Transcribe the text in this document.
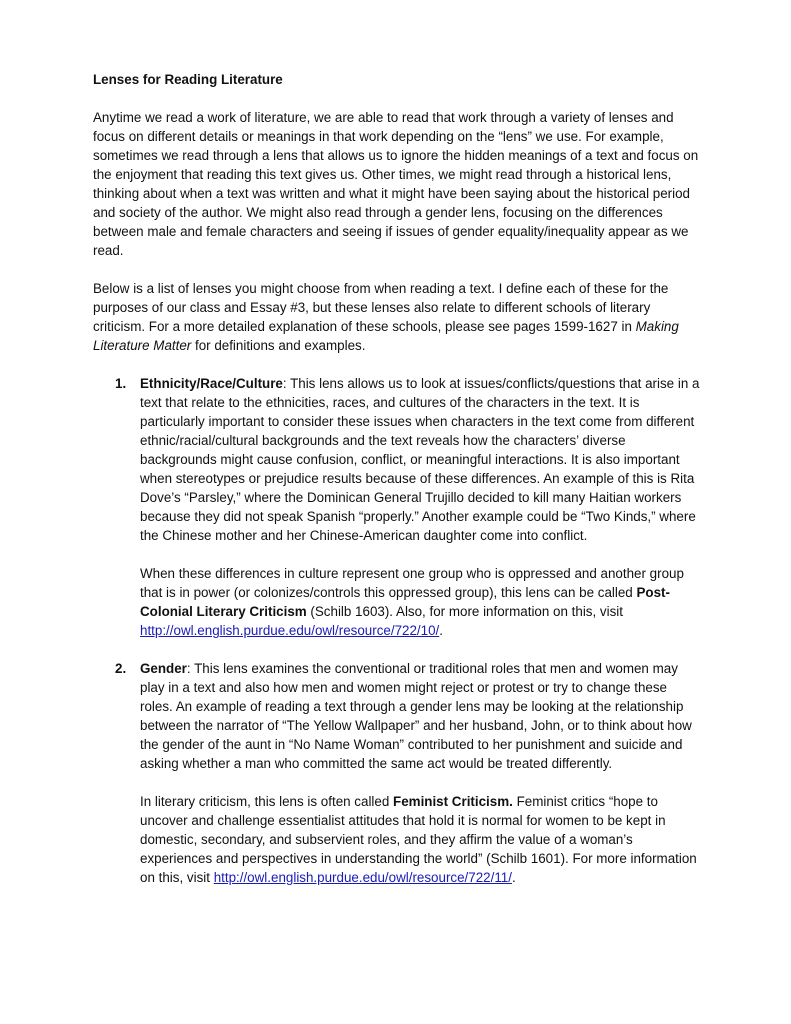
Lenses for Reading Literature

Anytime we read a work of literature, we are able to read that work through a variety of lenses and focus on different details or meanings in that work depending on the “lens” we use. For example, sometimes we read through a lens that allows us to ignore the hidden meanings of a text and focus on the enjoyment that reading this text gives us. Other times, we might read through a historical lens, thinking about when a text was written and what it might have been saying about the historical period and society of the author. We might also read through a gender lens, focusing on the differences between male and female characters and seeing if issues of gender equality/inequality appear as we read.

Below is a list of lenses you might choose from when reading a text. I define each of these for the purposes of our class and Essay #3, but these lenses also relate to different schools of literary criticism. For a more detailed explanation of these schools, please see pages 1599-1627 in Making Literature Matter for definitions and examples.

1. Ethnicity/Race/Culture: This lens allows us to look at issues/conflicts/questions that arise in a text that relate to the ethnicities, races, and cultures of the characters in the text. It is particularly important to consider these issues when characters in the text come from different ethnic/racial/cultural backgrounds and the text reveals how the characters’ diverse backgrounds might cause confusion, conflict, or meaningful interactions. It is also important when stereotypes or prejudice results because of these differences. An example of this is Rita Dove’s “Parsley,” where the Dominican General Trujillo decided to kill many Haitian workers because they did not speak Spanish “properly.” Another example could be “Two Kinds,” where the Chinese mother and her Chinese-American daughter come into conflict.

When these differences in culture represent one group who is oppressed and another group that is in power (or colonizes/controls this oppressed group), this lens can be called Post-Colonial Literary Criticism (Schilb 1603). Also, for more information on this, visit http://owl.english.purdue.edu/owl/resource/722/10/.

2. Gender: This lens examines the conventional or traditional roles that men and women may play in a text and also how men and women might reject or protest or try to change these roles. An example of reading a text through a gender lens may be looking at the relationship between the narrator of “The Yellow Wallpaper” and her husband, John, or to think about how the gender of the aunt in “No Name Woman” contributed to her punishment and suicide and asking whether a man who committed the same act would be treated differently.

In literary criticism, this lens is often called Feminist Criticism. Feminist critics “hope to uncover and challenge essentialist attitudes that hold it is normal for women to be kept in domestic, secondary, and subservient roles, and they affirm the value of a woman’s experiences and perspectives in understanding the world” (Schilb 1601). For more information on this, visit http://owl.english.purdue.edu/owl/resource/722/11/.
